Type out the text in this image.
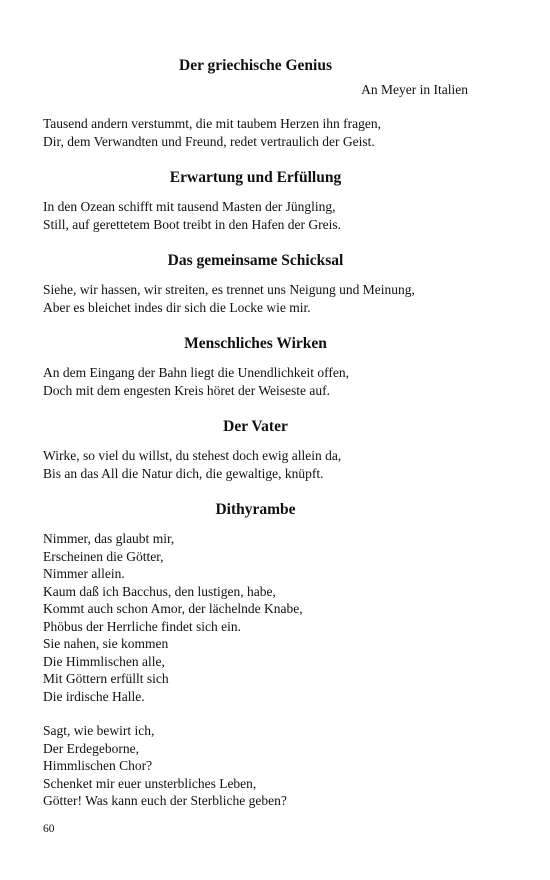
Der griechische Genius
An Meyer in Italien
Tausend andern verstummt, die mit taubem Herzen ihn fragen,
Dir, dem Verwandten und Freund, redet vertraulich der Geist.
Erwartung und Erfüllung
In den Ozean schifft mit tausend Masten der Jüngling,
Still, auf gerettetem Boot treibt in den Hafen der Greis.
Das gemeinsame Schicksal
Siehe, wir hassen, wir streiten, es trennet uns Neigung und Meinung,
Aber es bleichet indes dir sich die Locke wie mir.
Menschliches Wirken
An dem Eingang der Bahn liegt die Unendlichkeit offen,
Doch mit dem engesten Kreis höret der Weiseste auf.
Der Vater
Wirke, so viel du willst, du stehest doch ewig allein da,
Bis an das All die Natur dich, die gewaltige, knüpft.
Dithyrambe
Nimmer, das glaubt mir,
Erscheinen die Götter,
Nimmer allein.
Kaum daß ich Bacchus, den lustigen, habe,
Kommt auch schon Amor, der lächelnde Knabe,
Phöbus der Herrliche findet sich ein.
Sie nahen, sie kommen
Die Himmlischen alle,
Mit Göttern erfüllt sich
Die irdische Halle.
Sagt, wie bewirt ich,
Der Erdegeborne,
Himmlischen Chor?
Schenket mir euer unsterbliches Leben,
Götter! Was kann euch der Sterbliche geben?
60
